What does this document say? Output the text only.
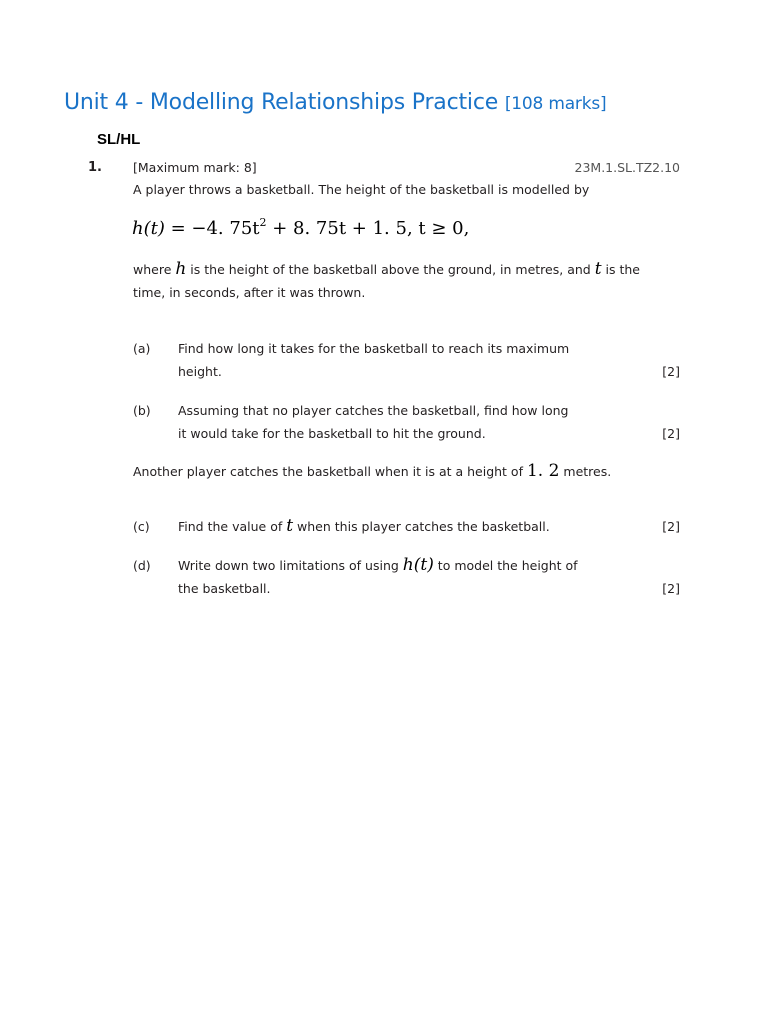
Unit 4 - Modelling Relationships Practice [108 marks]
SL/HL
1. [Maximum mark: 8]	23M.1.SL.TZ2.10
A player throws a basketball. The height of the basketball is modelled by
h(t) = −4. $75t^2 + 8$. 75t + 1. 5, t ≥ 0,
where h is the height of the basketball above the ground, in metres, and t is the time, in seconds, after it was thrown.
(a) Find how long it takes for the basketball to reach its maximum height.	[2]
(b) Assuming that no player catches the basketball, find how long it would take for the basketball to hit the ground.	[2]
Another player catches the basketball when it is at a height of 1. 2 metres.
(c) Find the value of t when this player catches the basketball.	[2]
(d) Write down two limitations of using h(t) to model the height of the basketball.	[2]
